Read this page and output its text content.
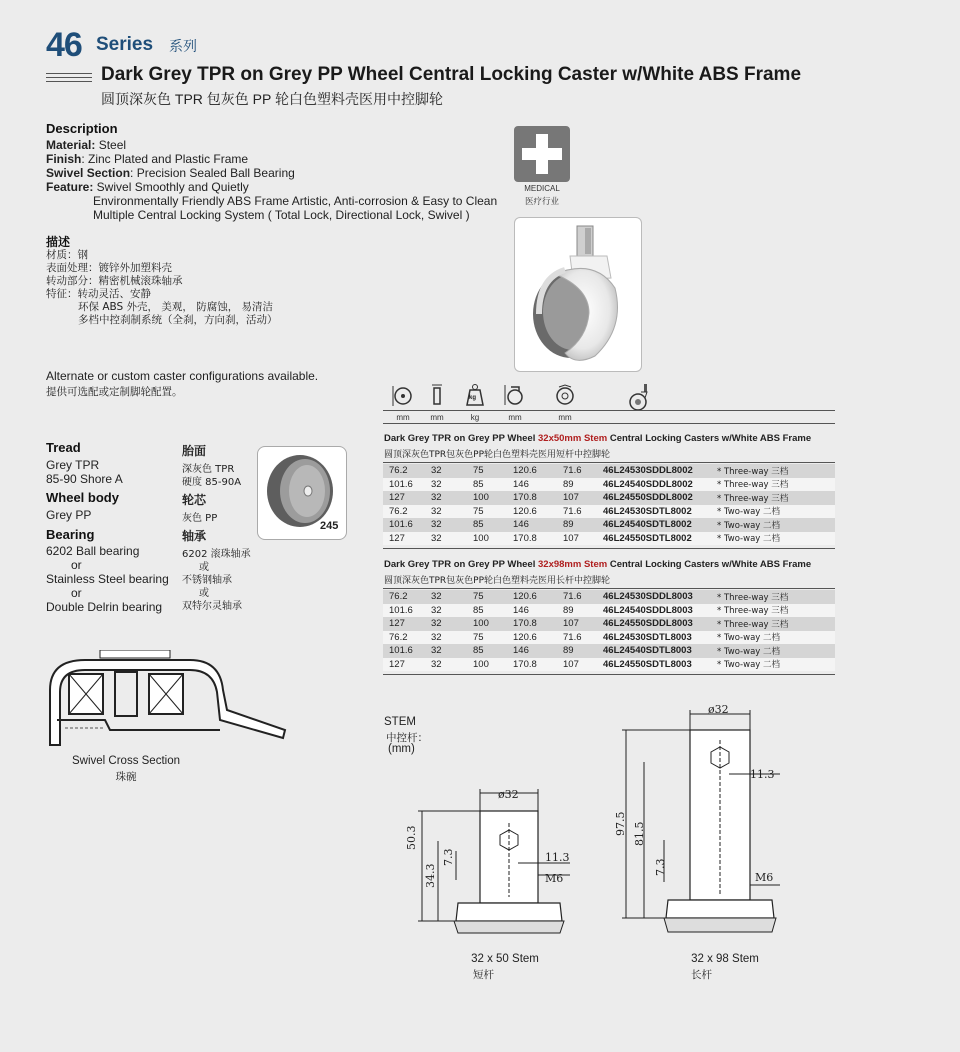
46 Series 系列
Dark Grey TPR on Grey PP Wheel Central Locking Caster w/White ABS Frame
圆顶深灰色 TPR 包灰色 PP 轮白色塑料壳医用中控脚轮
Description
Material: Steel
Finish: Zinc Plated and Plastic Frame
Swivel Section: Precision Sealed Ball Bearing
Feature: Swivel Smoothly and Quietly
Environmentally Friendly ABS Frame Artistic, Anti-corrosion & Easy to Clean
Multiple Central Locking System ( Total Lock, Directional Lock, Swivel )
描述
材质：钢
表面处理：镀锌外加塑料壳
转动部分：精密机械滚珠轴承
特征：转动灵活、安静
环保 ABS 外壳， 美观， 防腐蚀， 易清洁
多档中控刹制系统（全刹，方向刹，活动）
Alternate or custom caster configurations available.
提供可选配或定制脚轮配置。
MEDICAL
医疗行业
mm	mm
kg
kg	mm	mm
Dark Grey TPR on Grey PP Wheel 32x50mm Stem Central Locking Casters w/White ABS Frame
圆顶深灰色TPR包灰色PP轮白色塑料壳医用短杆中控脚轮
76.2	32	75	120.6	71.6	46L24530SDDL8002	* Three-way 三档
101.6	32	85	146	89	46L24540SDDL8002	* Three-way 三档
127	32	100	170.8	107	46L24550SDDL8002	* Three-way 三档
76.2	32	75	120.6	71.6	46L24530SDTL8002	* Two-way 二档
101.6	32	85	146	89	46L24540SDTL8002	* Two-way 二档
127	32	100	170.8	107	46L24550SDTL8002	* Two-way 二档
Dark Grey TPR on Grey PP Wheel 32x98mm Stem Central Locking Casters w/White ABS Frame
圆顶深灰色TPR包灰色PP轮白色塑料壳医用长杆中控脚轮
76.2	32	75	120.6	71.6	46L24530SDDL8003	* Three-way 三档
101.6	32	85	146	89	46L24540SDDL8003	* Three-way 三档
127	32	100	170.8	107	46L24550SDDL8003	* Three-way 三档
76.2	32	75	120.6	71.6	46L24530SDTL8003	* Two-way 二档
101.6	32	85	146	89	46L24540SDTL8003	* Two-way 二档
127	32	100	170.8	107	46L24550SDTL8003	* Two-way 二档
Tread
Grey TPR
85-90 Shore A
Wheel body
Grey PP
Bearing
6202 Ball bearing
or
Stainless Steel bearing
or
Double Delrin bearing
胎面
深灰色 TPR
硬度 85-90A
轮芯
灰色 PP
轴承
6202 滚珠轴承
或
不锈钢轴承
或
双特尔灵轴承
245
Swivel Cross Section
珠碗
STEM
中控杆：
(mm)
ø32
50.3
34.3
7.3	11.3
M6
32 x 50 Stem
短杆
ø32
97.5 81.5
7.3
11.3
M6
32 x 98 Stem
长杆
